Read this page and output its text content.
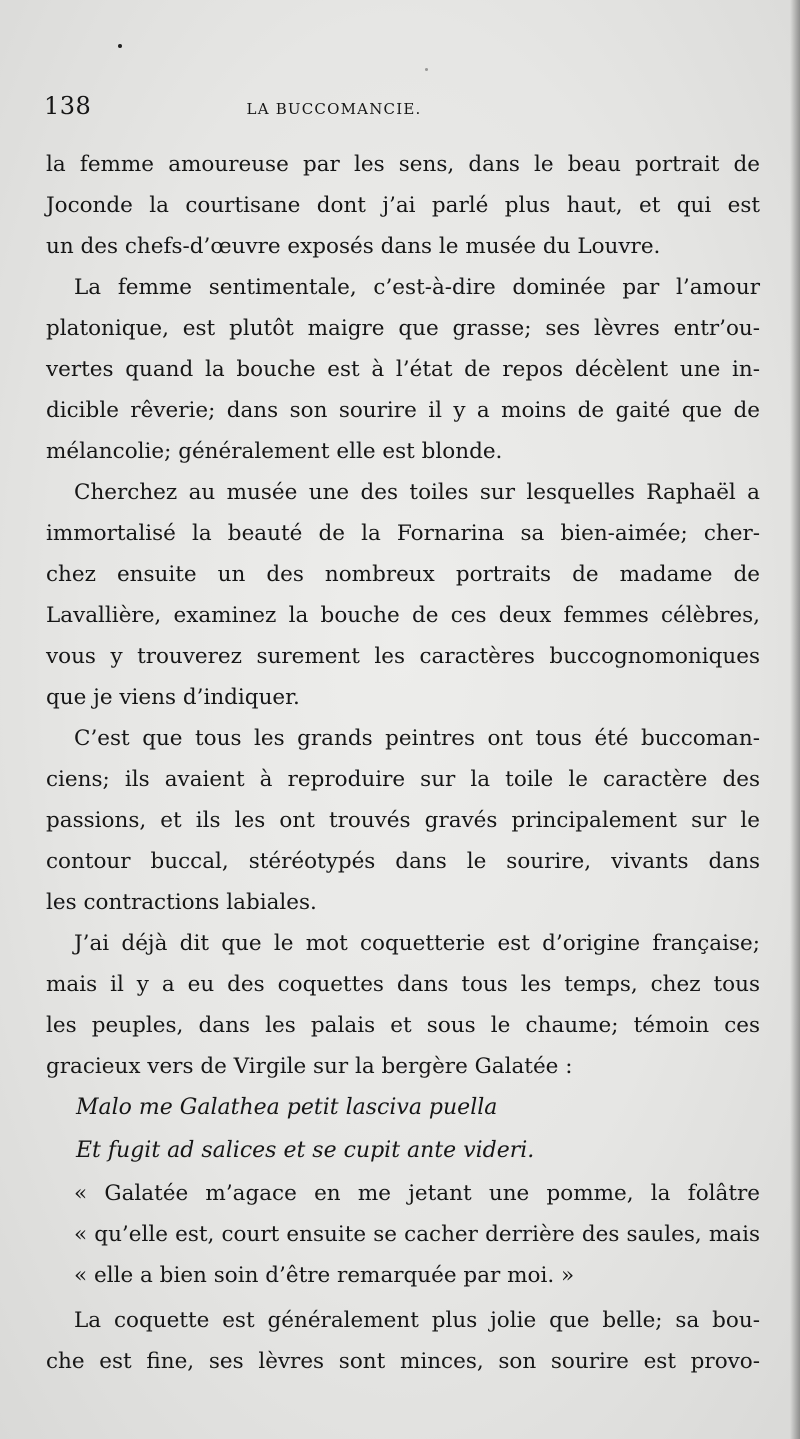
138	LA BUCCOMANCIE.
la femme amoureuse par les sens, dans le beau portrait de
Joconde la courtisane dont j’ai parlé plus haut, et qui est
un des chefs-d’œuvre exposés dans le musée du Louvre.
La femme sentimentale, c’est-à-dire dominée par l’amour
platonique, est plutôt maigre que grasse; ses lèvres entr’ou-
vertes quand la bouche est à l’état de repos décèlent une in-
dicible rêverie; dans son sourire il y a moins de gaité que de
mélancolie; généralement elle est blonde.
Cherchez au musée une des toiles sur lesquelles Raphaël a
immortalisé la beauté de la Fornarina sa bien-aimée; cher-
chez ensuite un des nombreux portraits de madame de
Lavallière, examinez la bouche de ces deux femmes célèbres,
vous y trouverez surement les caractères buccognomoniques
que je viens d’indiquer.
C’est que tous les grands peintres ont tous été buccoman-
ciens; ils avaient à reproduire sur la toile le caractère des
passions, et ils les ont trouvés gravés principalement sur le
contour buccal, stéréotypés dans le sourire, vivants dans
les contractions labiales.
J’ai déjà dit que le mot coquetterie est d’origine française;
mais il y a eu des coquettes dans tous les temps, chez tous
les peuples, dans les palais et sous le chaume; témoin ces
gracieux vers de Virgile sur la bergère Galatée :
Malo me Galathea petit lasciva puella
Et fugit ad salices et se cupit ante videri.
« Galatée m’agace en me jetant une pomme, la folâtre
« qu’elle est, court ensuite se cacher derrière des saules, mais
« elle a bien soin d’être remarquée par moi. »
La coquette est généralement plus jolie que belle; sa bou-
che est fine, ses lèvres sont minces, son sourire est provo-
